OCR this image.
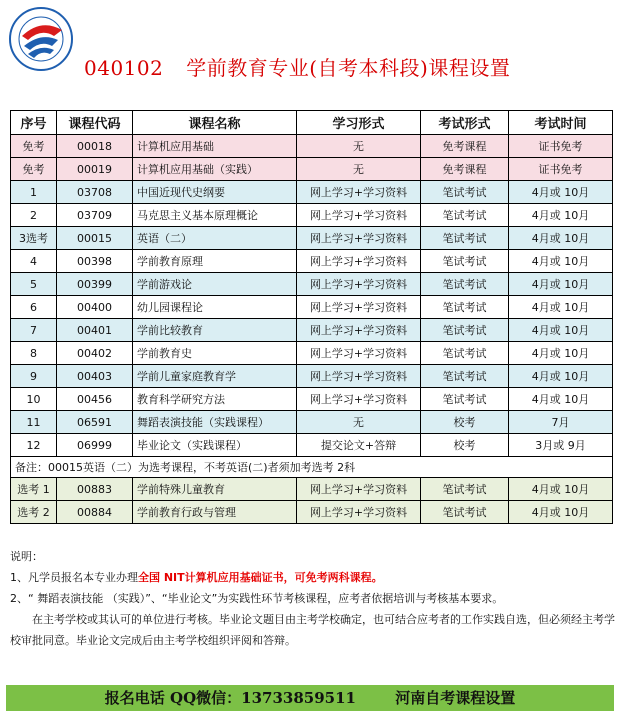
040102 学前教育专业(自考本科段)课程设置
序号	课程代码	课程名称	学习形式	考试形式	考试时间
免考	00018	计算机应用基础	无	免考课程	证书免考
免考	00019	计算机应用基础（实践）	无	免考课程	证书免考
1	03708	中国近现代史纲要	网上学习+学习资料	笔试考试	4月或 10月
2	03709	马克思主义基本原理概论	网上学习+学习资料	笔试考试	4月或 10月
3选考	00015	英语（二）	网上学习+学习资料	笔试考试	4月或 10月
4	00398	学前教育原理	网上学习+学习资料	笔试考试	4月或 10月
5	00399	学前游戏论	网上学习+学习资料	笔试考试	4月或 10月
6	00400	幼儿园课程论	网上学习+学习资料	笔试考试	4月或 10月
7	00401	学前比较教育	网上学习+学习资料	笔试考试	4月或 10月
8	00402	学前教育史	网上学习+学习资料	笔试考试	4月或 10月
9	00403	学前儿童家庭教育学	网上学习+学习资料	笔试考试	4月或 10月
10	00456	教育科学研究方法	网上学习+学习资料	笔试考试	4月或 10月
11	06591	舞蹈表演技能（实践课程）	无	校考	7月
12	06999	毕业论文（实践课程）	提交论文+答辩	校考	3月或 9月
备注：00015英语（二）为选考课程，不考英语(二)者须加考选考 2科					
选考 1	00883	学前特殊儿童教育	网上学习+学习资料	笔试考试	4月或 10月
选考 2	00884	学前教育行政与管理	网上学习+学习资料	笔试考试	4月或 10月

说明：

1、凡学员报名本专业办理全国 NIT计算机应用基础证书，可免考两科课程。

2、“ 舞蹈表演技能 （实践）”、“毕业论文”为实践性环节考核课程，应考者依据培训与考核基本要求。

在主考学校或其认可的单位进行考核。毕业论文题目由主考学校确定，也可结合应考者的工作实践自选，但必须经主考学校审批同意。毕业论文完成后由主考学校组织评阅和答辩。

报名电话 QQ微信：13733859511	河南自考课程设置
